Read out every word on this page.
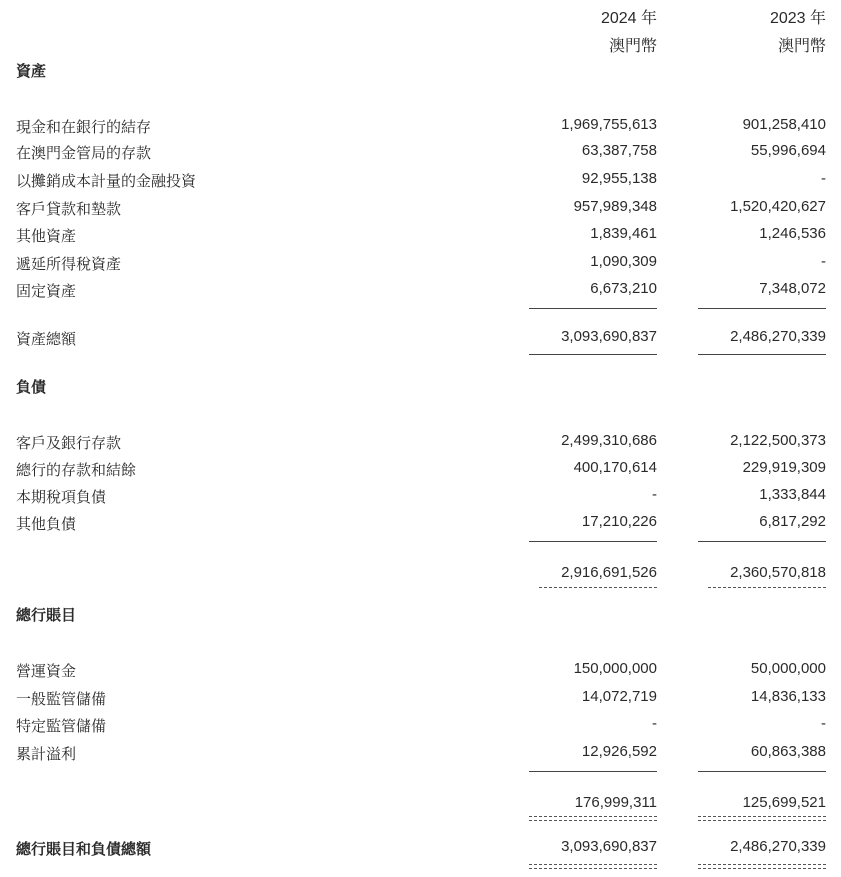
2024 年	2023 年
澳門幣	澳門幣
資產
現金和在銀行的結存	1,969,755,613	901,258,410
在澳門金管局的存款	63,387,758	55,996,694
以攤銷成本計量的金融投資	92,955,138	-
客戶貸款和墊款	957,989,348	1,520,420,627
其他資產	1,839,461	1,246,536
遞延所得稅資產	1,090,309	-
固定資產	6,673,210	7,348,072
資產總額	3,093,690,837	2,486,270,339
負債
客戶及銀行存款	2,499,310,686	2,122,500,373
總行的存款和結餘	400,170,614	229,919,309
本期稅項負債	-	1,333,844
其他負債	17,210,226	6,817,292
2,916,691,526	2,360,570,818
總行賬目
營運資金	150,000,000	50,000,000
一般監管儲備	14,072,719	14,836,133
特定監管儲備	-	-
累計溢利	12,926,592	60,863,388
176,999,311	125,699,521
總行賬目和負債總額	3,093,690,837	2,486,270,339
